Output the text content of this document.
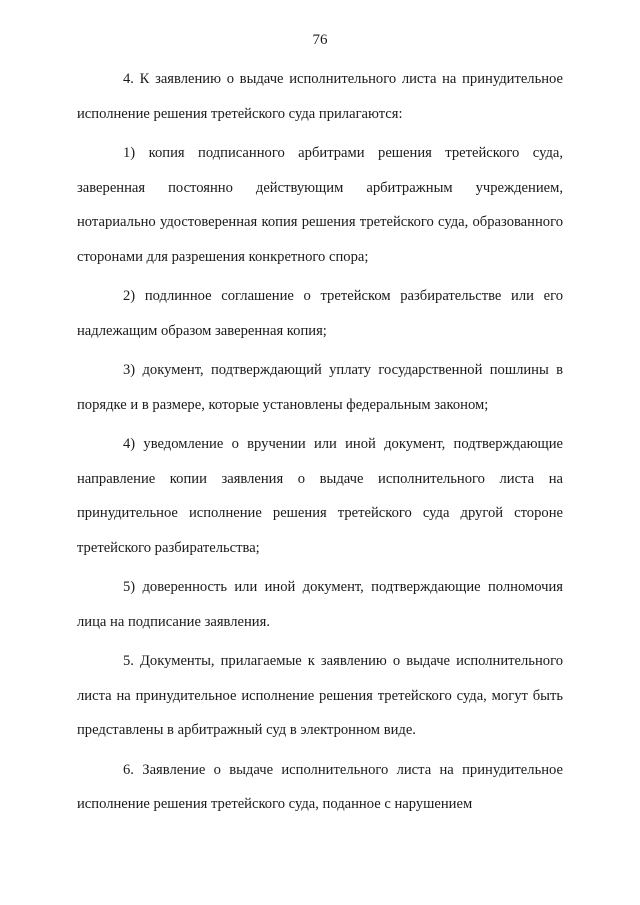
76

4. К заявлению о выдаче исполнительного листа на принудительное исполнение решения третейского суда прилагаются:

1) копия подписанного арбитрами решения третейского суда, заверенная постоянно действующим арбитражным учреждением, нотариально удостоверенная копия решения третейского суда, образованного сторонами для разрешения конкретного спора;

2) подлинное соглашение о третейском разбирательстве или его надлежащим образом заверенная копия;

3) документ, подтверждающий уплату государственной пошлины в порядке и в размере, которые установлены федеральным законом;

4) уведомление о вручении или иной документ, подтверждающие направление копии заявления о выдаче исполнительного листа на принудительное исполнение решения третейского суда другой стороне третейского разбирательства;

5) доверенность или иной документ, подтверждающие полномочия лица на подписание заявления.

5. Документы, прилагаемые к заявлению о выдаче исполнительного листа на принудительное исполнение решения третейского суда, могут быть представлены в арбитражный суд в электронном виде.

6. Заявление о выдаче исполнительного листа на принудительное исполнение решения третейского суда, поданное с нарушением
